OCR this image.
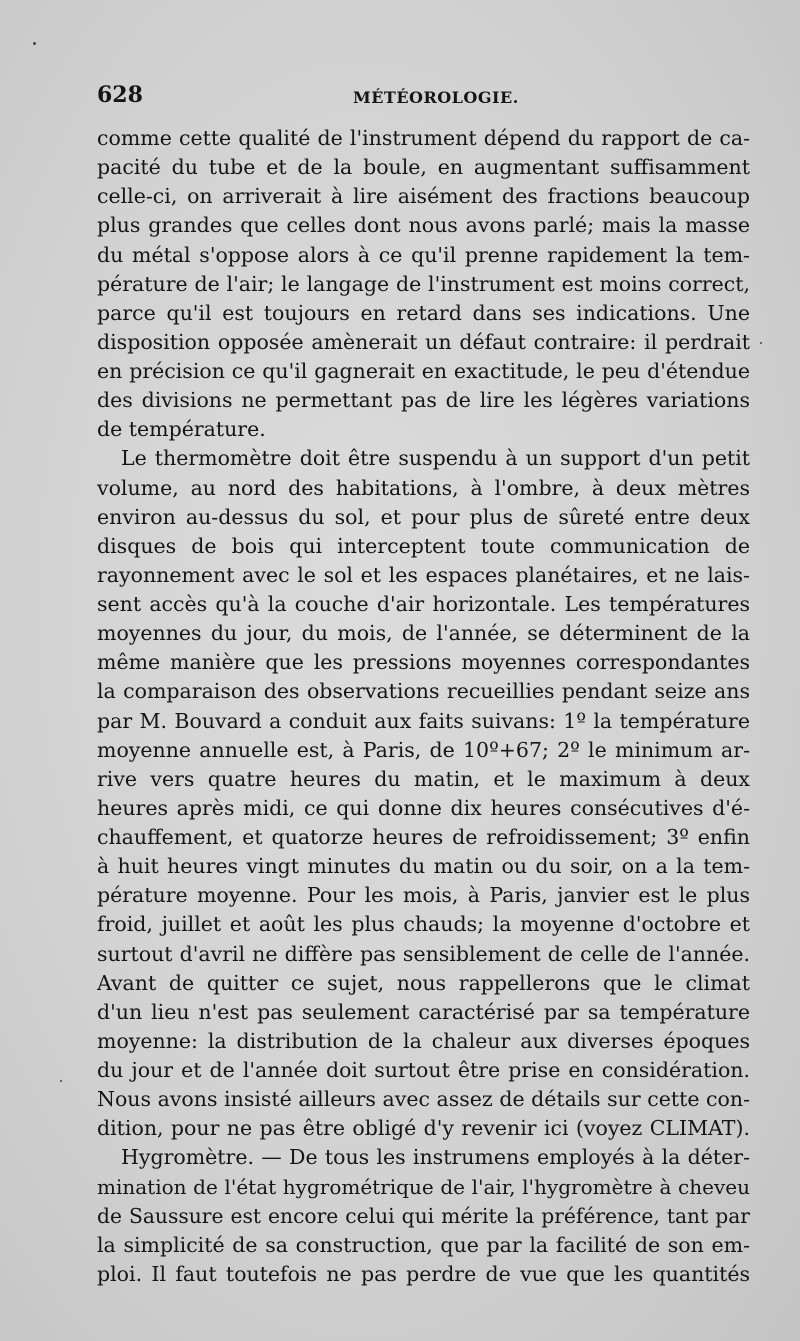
628	MÉTÉOROLOGIE.
comme cette qualité de l'instrument dépend du rapport de ca-
pacité du tube et de la boule, en augmentant suffisamment
celle-ci, on arriverait à lire aisément des fractions beaucoup
plus grandes que celles dont nous avons parlé; mais la masse
du métal s'oppose alors à ce qu'il prenne rapidement la tem-
pérature de l'air; le langage de l'instrument est moins correct,
parce qu'il est toujours en retard dans ses indications. Une
disposition opposée amènerait un défaut contraire: il perdrait
en précision ce qu'il gagnerait en exactitude, le peu d'étendue
des divisions ne permettant pas de lire les légères variations
de température.
Le thermomètre doit être suspendu à un support d'un petit
volume, au nord des habitations, à l'ombre, à deux mètres
environ au-dessus du sol, et pour plus de sûreté entre deux
disques de bois qui interceptent toute communication de
rayonnement avec le sol et les espaces planétaires, et ne lais-
sent accès qu'à la couche d'air horizontale. Les températures
moyennes du jour, du mois, de l'année, se déterminent de la
même manière que les pressions moyennes correspondantes
la comparaison des observations recueillies pendant seize ans
par M. Bouvard a conduit aux faits suivans: 1º la température
moyenne annuelle est, à Paris, de 10º+67; 2º le minimum ar-
rive vers quatre heures du matin, et le maximum à deux
heures après midi, ce qui donne dix heures consécutives d'é-
chauffement, et quatorze heures de refroidissement; 3º enfin
à huit heures vingt minutes du matin ou du soir, on a la tem-
pérature moyenne. Pour les mois, à Paris, janvier est le plus
froid, juillet et août les plus chauds; la moyenne d'octobre et
surtout d'avril ne diffère pas sensiblement de celle de l'année.
Avant de quitter ce sujet, nous rappellerons que le climat
d'un lieu n'est pas seulement caractérisé par sa température
moyenne: la distribution de la chaleur aux diverses époques
du jour et de l'année doit surtout être prise en considération.
Nous avons insisté ailleurs avec assez de détails sur cette con-
dition, pour ne pas être obligé d'y revenir ici (voyez CLIMAT).
Hygromètre. — De tous les instrumens employés à la déter-
mination de l'état hygrométrique de l'air, l'hygromètre à cheveu
de Saussure est encore celui qui mérite la préférence, tant par
la simplicité de sa construction, que par la facilité de son em-
ploi. Il faut toutefois ne pas perdre de vue que les quantités
